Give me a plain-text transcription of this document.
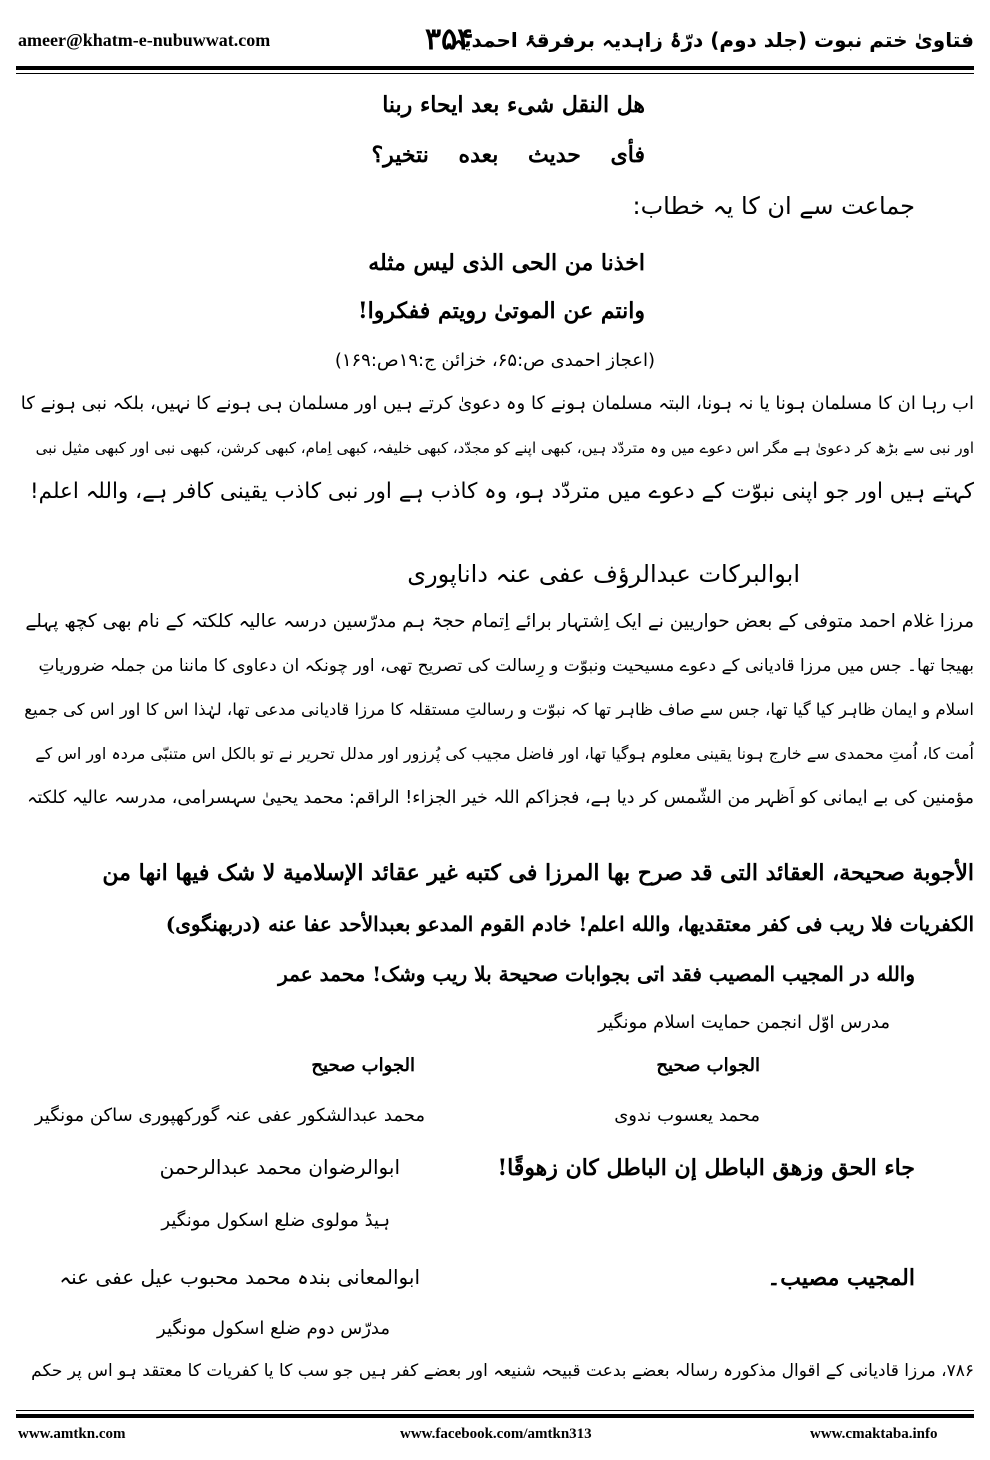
ameer@khatm-e-nubuwwat.com	۳۵۴
فتاویٰ ختم نبوت (جلد دوم) درّۂ زاہدیہ برفرقۂ احمدیہ
هل النقل شیء بعد ایحاء ربنا
فأی حدیث بعده نتخیر؟
جماعت سے ان کا یہ خطاب:
اخذنا من الحی الذی لیس مثله
وانتم عن الموتیٰ رویتم ففکروا!
(اعجاز احمدی ص:۶۵، خزائن ج:۱۹ص:۱۶۹)
اب رہا ان کا مسلمان ہونا یا نہ ہونا، البتہ مسلمان ہونے کا وہ دعویٰ کرتے ہیں اور مسلمان ہی ہونے کا نہیں، بلکہ نبی ہونے کا
اور نبی سے بڑھ کر دعویٰ ہے مگر اس دعوے میں وہ متردّد ہیں، کبھی اپنے کو مجدّد، کبھی خلیفہ، کبھی اِمام، کبھی کرشن، کبھی نبی اور کبھی مثیل نبی
کہتے ہیں اور جو اپنی نبوّت کے دعوے میں متردّد ہو، وہ کاذب ہے اور نبی کاذب یقینی کافر ہے، واللہ اعلم!
ابوالبرکات عبدالرؤف عفی عنہ داناپوری
مرزا غلام احمد متوفی کے بعض حواریین نے ایک اِشتہار برائے اِتمام حجۃ ہم مدرّسین درسہ عالیہ کلکتہ کے نام بھی کچھ پہلے
بھیجا تھا۔ جس میں مرزا قادیانی کے دعوے مسیحیت ونبوّت و رِسالت کی تصریح تھی، اور چونکہ ان دعاوی کا ماننا من جملہ ضروریاتِ
اسلام و ایمان ظاہر کیا گیا تھا، جس سے صاف ظاہر تھا کہ نبوّت و رسالتِ مستقلہ کا مرزا قادیانی مدعی تھا، لہٰذا اس کا اور اس کی جمیع
اُمت کا، اُمتِ محمدی سے خارج ہونا یقینی معلوم ہوگیا تھا، اور فاضل مجیب کی پُرزور اور مدلل تحریر نے تو بالکل اس متنبّی مردہ اور اس کے
مؤمنین کی بے ایمانی کو اَظہر من الشّمس کر دیا ہے، فجزاکم اللہ خیر الجزاء! الراقم: محمد یحییٰ سہسرامی، مدرسہ عالیہ کلکتہ
الأجوبة صحیحة، العقائد التی قد صرح بها المرزا فی کتبه غیر عقائد الإسلامیة لا شک فیها انها من
الکفریات فلا ریب فی کفر معتقدیها، والله اعلم! خادم القوم المدعو بعبدالأحد عفا عنه (دربھنگوی)
والله در المجیب المصیب فقد اتی بجوابات صحیحة بلا ریب وشک! محمد عمر
مدرس اوّل انجمن حمایت اسلام مونگیر
الجواب صحیح
محمد عبدالشکور عفی عنہ گورکھپوری ساکن مونگیر
الجواب صحیح
محمد یعسوب ندوی
جاء الحق وزھق الباطل إن الباطل کان زھوقًا!
ابوالرضوان محمد عبدالرحمن
ہیڈ مولوی ضلع اسکول مونگیر
المجیب مصیب۔
ابوالمعانی بندہ محمد محبوب عیل عفی عنہ
مدرّس دوم ضلع اسکول مونگیر
۷۸۶، مرزا قادیانی کے اقوال مذکورہ رسالہ بعضے بدعت قبیحہ شنیعہ اور بعضے کفر ہیں جو سب کا یا کفریات کا معتقد ہو اس پر حکم
www.amtkn.com	www.facebook.com/amtkn313	www.cmaktaba.info
